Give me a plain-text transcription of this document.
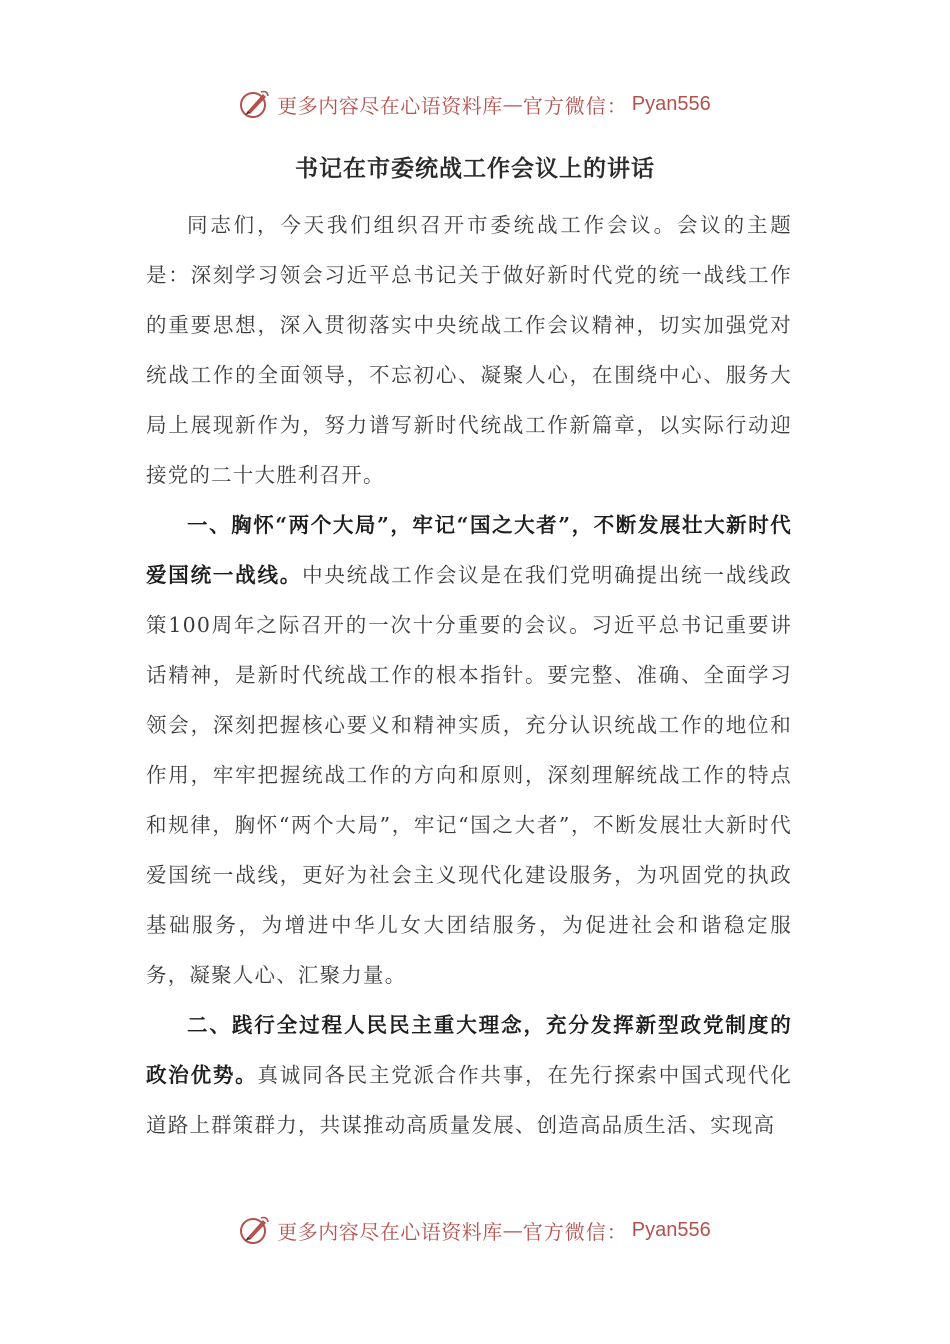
更多内容尽在心语资料库 — 官方微信： Pyan556
书记在市委统战工作会议上的讲话

同志们，今天我们组织召开市委统战工作会议。会议的主题是：深刻学习领会习近平总书记关于做好新时代党的统一战线工作的重要思想，深入贯彻落实中央统战工作会议精神，切实加强党对统战工作的全面领导，不忘初心、凝聚人心，在围绕中心、服务大局上展现新作为，努力谱写新时代统战工作新篇章，以实际行动迎接党的二十大胜利召开。

一、胸怀“两个大局”，牢记“国之大者”，不断发展壮大新时代爱国统一战线。中央统战工作会议是在我们党明确提出统一战线政策100周年之际召开的一次十分重要的会议。习近平总书记重要讲话精神，是新时代统战工作的根本指针。要完整、准确、全面学习领会，深刻把握核心要义和精神实质，充分认识统战工作的地位和作用，牢牢把握统战工作的方向和原则，深刻理解统战工作的特点和规律，胸怀“两个大局”，牢记“国之大者”，不断发展壮大新时代爱国统一战线，更好为社会主义现代化建设服务，为巩固党的执政基础服务，为增进中华儿女大团结服务，为促进社会和谐稳定服务，凝聚人心、汇聚力量。

二、践行全过程人民民主重大理念，充分发挥新型政党制度的政治优势。真诚同各民主党派合作共事，在先行探索中国式现代化道路上群策群力，共谋推动高质量发展、创造高品质生活、实现高

更多内容尽在心语资料库 — 官方微信： Pyan556
